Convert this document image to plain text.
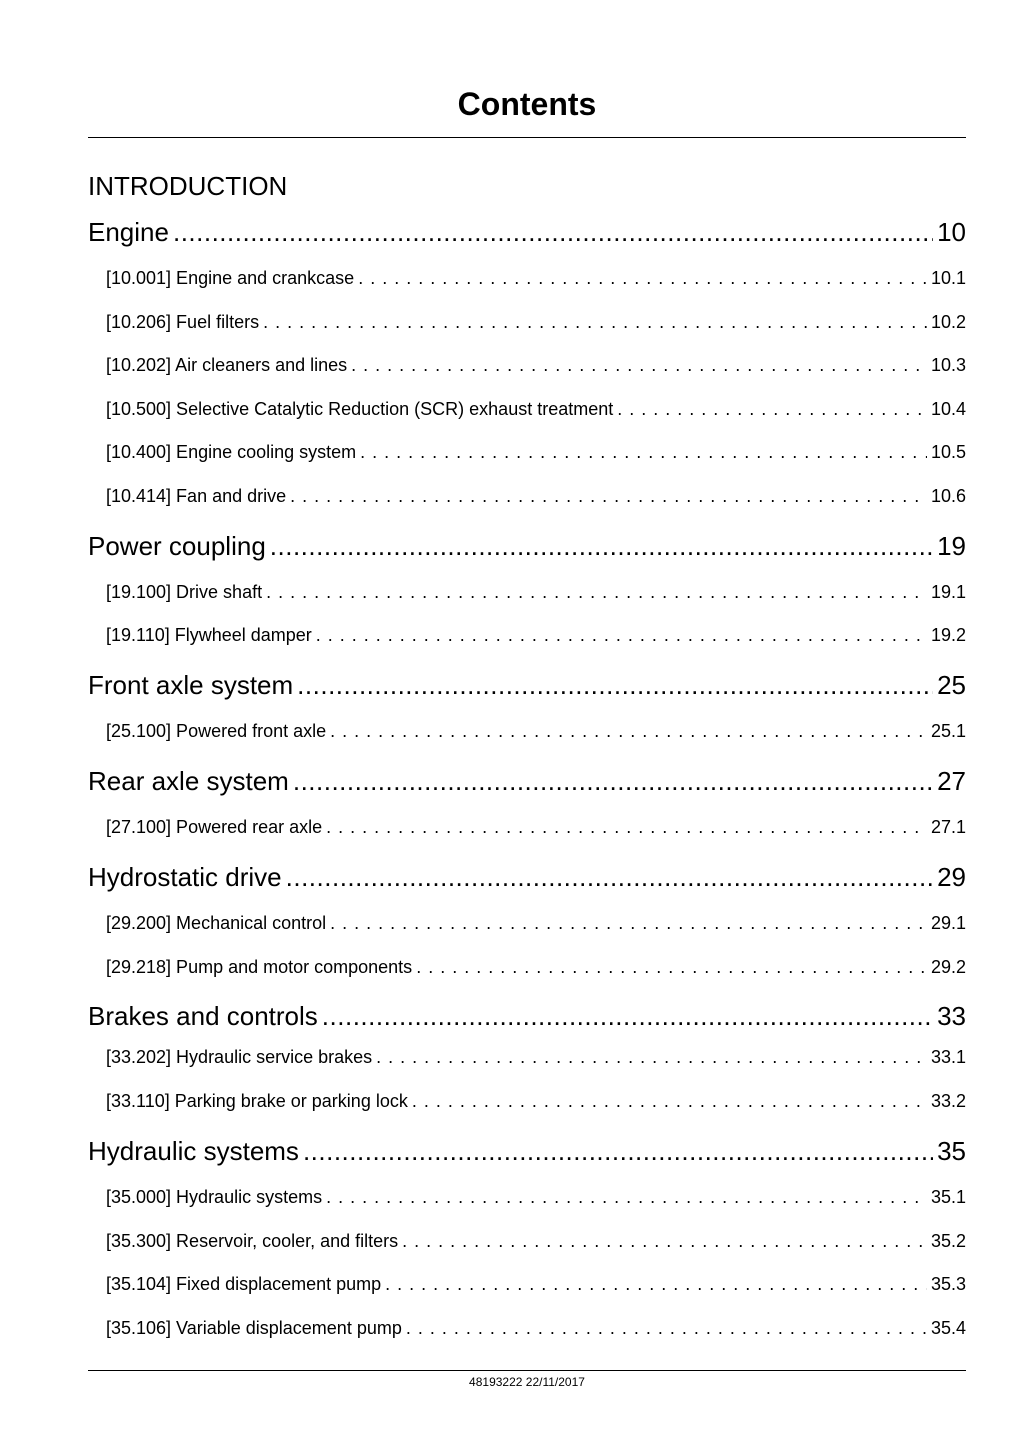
Contents
INTRODUCTION
Engine .....	10
[10.001] Engine and crankcase . . .	10.1
[10.206] Fuel filters . . .	10.2
[10.202] Air cleaners and lines . . .	10.3
[10.500] Selective Catalytic Reduction (SCR) exhaust treatment . . .	10.4
[10.400] Engine cooling system . . .	10.5
[10.414] Fan and drive . . .	10.6
Power coupling .....	19
[19.100] Drive shaft . . .	19.1
[19.110] Flywheel damper . . .	19.2
Front axle system .....	25
[25.100] Powered front axle . . .	25.1
Rear axle system .....	27
[27.100] Powered rear axle . . .	27.1
Hydrostatic drive .....	29
[29.200] Mechanical control . . .	29.1
[29.218] Pump and motor components . . .	29.2
Brakes and controls .....	33
[33.202] Hydraulic service brakes . . .	33.1
[33.110] Parking brake or parking lock . . .	33.2
Hydraulic systems .....	35
[35.000] Hydraulic systems . . .	35.1
[35.300] Reservoir, cooler, and filters . . .	35.2
[35.104] Fixed displacement pump . . .	35.3
[35.106] Variable displacement pump . . .	35.4
48193222 22/11/2017
